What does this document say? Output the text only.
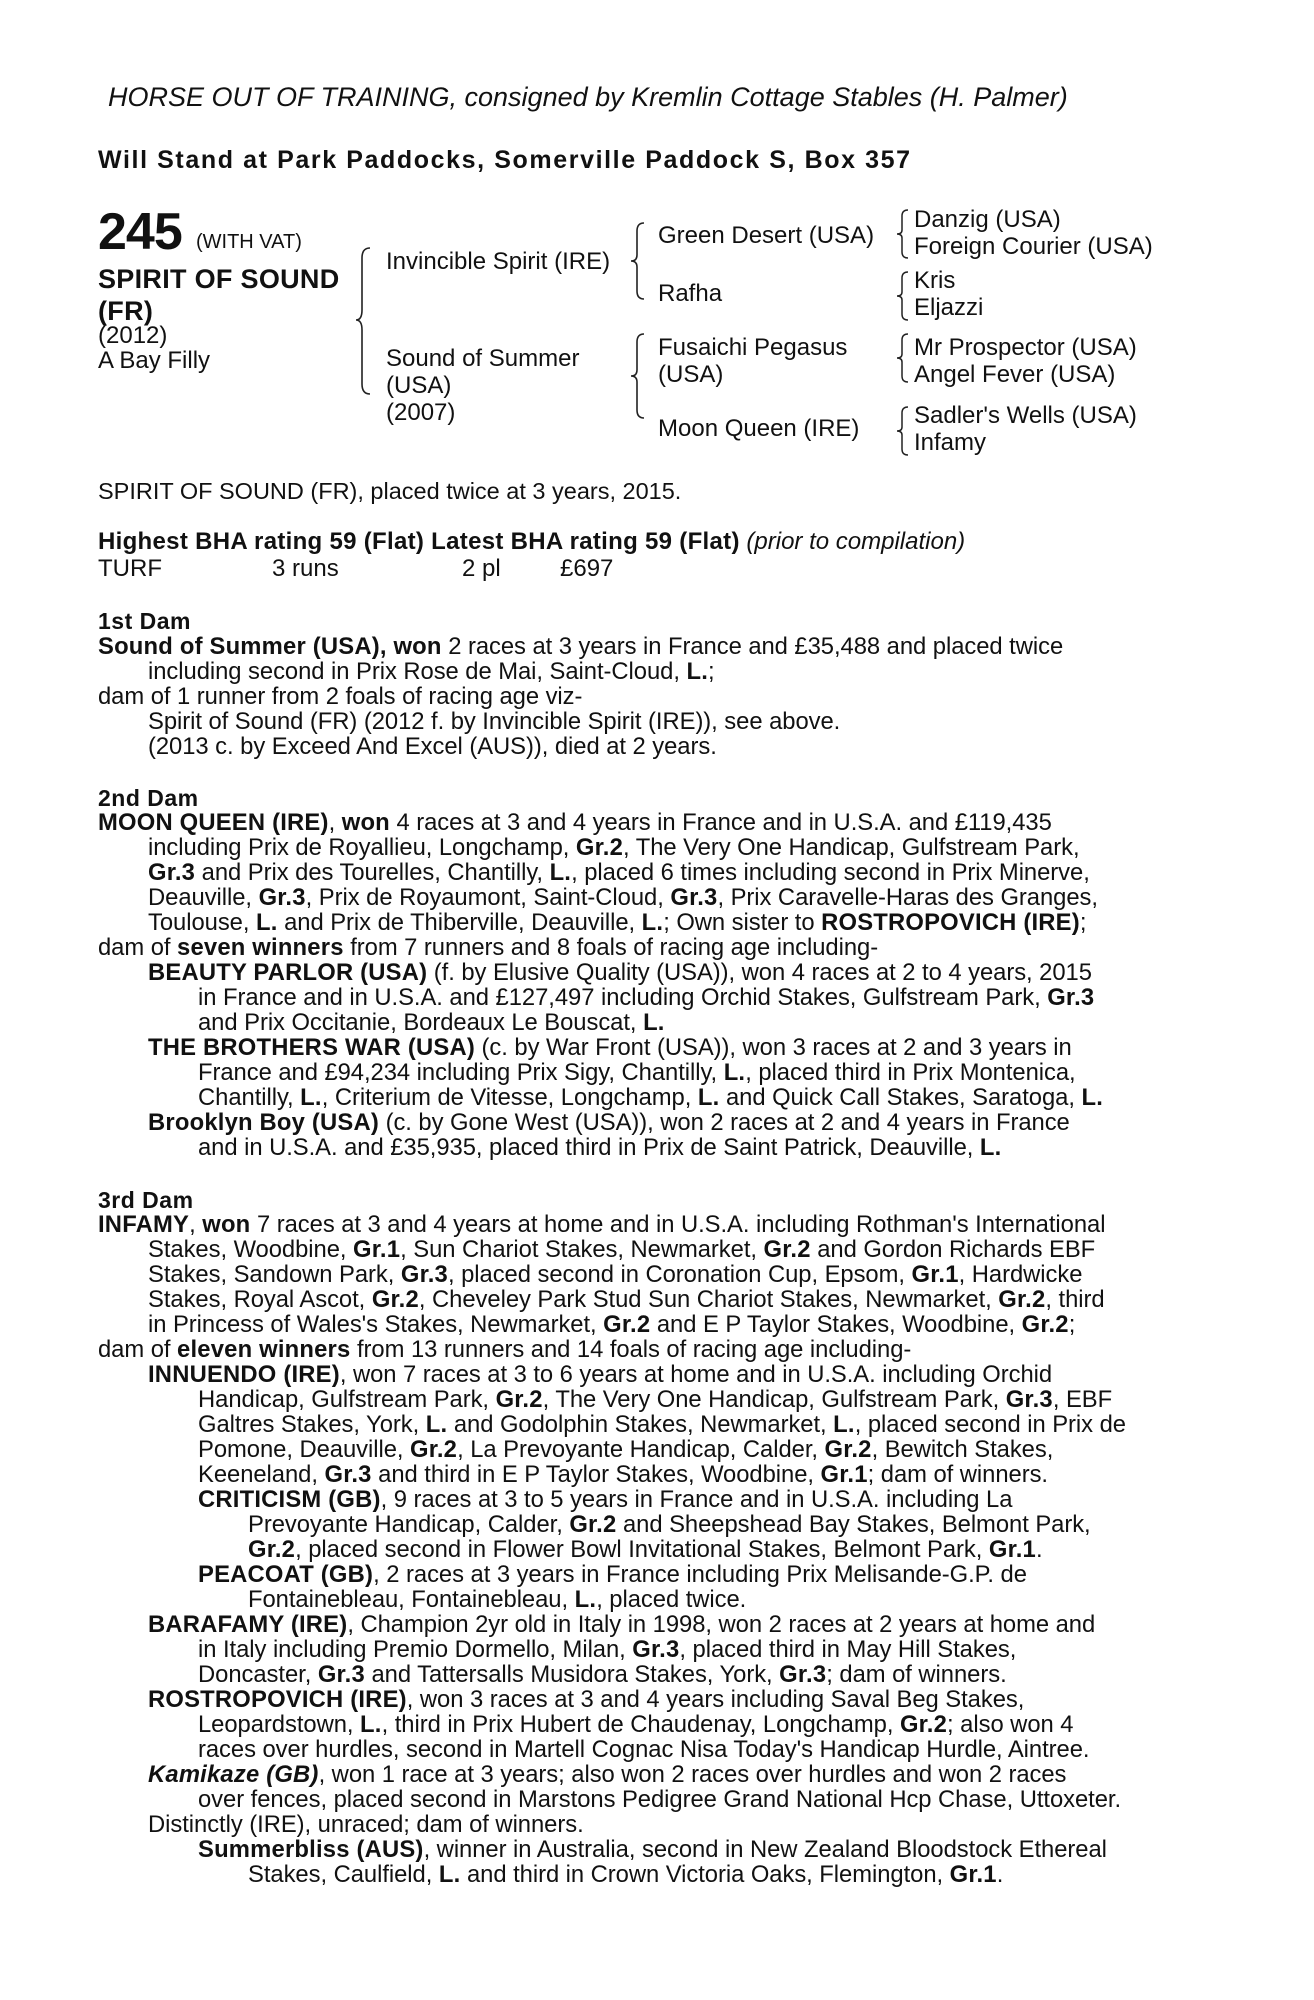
HORSE OUT OF TRAINING, consigned by Kremlin Cottage Stables (H. Palmer)
Will Stand at Park Paddocks, Somerville Paddock S, Box 357
245 (WITH VAT)
SPIRIT OF SOUND
(FR)
(2012)
A Bay Filly
Invincible Spirit (IRE)
Sound of Summer
(USA)
(2007)
Green Desert (USA)
Rafha
Fusaichi Pegasus
(USA)
Moon Queen (IRE)
Danzig (USA)
Foreign Courier (USA)
Kris
Eljazzi
Mr Prospector (USA)
Angel Fever (USA)
Sadler's Wells (USA)
Infamy
SPIRIT OF SOUND (FR), placed twice at 3 years, 2015.
Highest BHA rating 59 (Flat) Latest BHA rating 59 (Flat) (prior to compilation)
TURF	3 runs	2 pl £697
1st Dam
Sound of Summer (USA), won 2 races at 3 years in France and £35,488 and placed twice
including second in Prix Rose de Mai, Saint-Cloud, L.;
dam of 1 runner from 2 foals of racing age viz-
Spirit of Sound (FR) (2012 f. by Invincible Spirit (IRE)), see above.
(2013 c. by Exceed And Excel (AUS)), died at 2 years.
2nd Dam
MOON QUEEN (IRE), won 4 races at 3 and 4 years in France and in U.S.A. and £119,435
including Prix de Royallieu, Longchamp, Gr.2, The Very One Handicap, Gulfstream Park,
Gr.3 and Prix des Tourelles, Chantilly, L., placed 6 times including second in Prix Minerve,
Deauville, Gr.3, Prix de Royaumont, Saint-Cloud, Gr.3, Prix Caravelle-Haras des Granges,
Toulouse, L. and Prix de Thiberville, Deauville, L.; Own sister to ROSTROPOVICH (IRE);
dam of seven winners from 7 runners and 8 foals of racing age including-
BEAUTY PARLOR (USA) (f. by Elusive Quality (USA)), won 4 races at 2 to 4 years, 2015
in France and in U.S.A. and £127,497 including Orchid Stakes, Gulfstream Park, Gr.3
and Prix Occitanie, Bordeaux Le Bouscat, L.
THE BROTHERS WAR (USA) (c. by War Front (USA)), won 3 races at 2 and 3 years in
France and £94,234 including Prix Sigy, Chantilly, L., placed third in Prix Montenica,
Chantilly, L., Criterium de Vitesse, Longchamp, L. and Quick Call Stakes, Saratoga, L.
Brooklyn Boy (USA) (c. by Gone West (USA)), won 2 races at 2 and 4 years in France
and in U.S.A. and £35,935, placed third in Prix de Saint Patrick, Deauville, L.
3rd Dam
INFAMY, won 7 races at 3 and 4 years at home and in U.S.A. including Rothman's International
Stakes, Woodbine, Gr.1, Sun Chariot Stakes, Newmarket, Gr.2 and Gordon Richards EBF
Stakes, Sandown Park, Gr.3, placed second in Coronation Cup, Epsom, Gr.1, Hardwicke
Stakes, Royal Ascot, Gr.2, Cheveley Park Stud Sun Chariot Stakes, Newmarket, Gr.2, third
in Princess of Wales's Stakes, Newmarket, Gr.2 and E P Taylor Stakes, Woodbine, Gr.2;
dam of eleven winners from 13 runners and 14 foals of racing age including-
INNUENDO (IRE), won 7 races at 3 to 6 years at home and in U.S.A. including Orchid
Handicap, Gulfstream Park, Gr.2, The Very One Handicap, Gulfstream Park, Gr.3, EBF
Galtres Stakes, York, L. and Godolphin Stakes, Newmarket, L., placed second in Prix de
Pomone, Deauville, Gr.2, La Prevoyante Handicap, Calder, Gr.2, Bewitch Stakes,
Keeneland, Gr.3 and third in E P Taylor Stakes, Woodbine, Gr.1; dam of winners.
CRITICISM (GB), 9 races at 3 to 5 years in France and in U.S.A. including La
Prevoyante Handicap, Calder, Gr.2 and Sheepshead Bay Stakes, Belmont Park,
Gr.2, placed second in Flower Bowl Invitational Stakes, Belmont Park, Gr.1.
PEACOAT (GB), 2 races at 3 years in France including Prix Melisande-G.P. de
Fontainebleau, Fontainebleau, L., placed twice.
BARAFAMY (IRE), Champion 2yr old in Italy in 1998, won 2 races at 2 years at home and
in Italy including Premio Dormello, Milan, Gr.3, placed third in May Hill Stakes,
Doncaster, Gr.3 and Tattersalls Musidora Stakes, York, Gr.3; dam of winners.
ROSTROPOVICH (IRE), won 3 races at 3 and 4 years including Saval Beg Stakes,
Leopardstown, L., third in Prix Hubert de Chaudenay, Longchamp, Gr.2; also won 4
races over hurdles, second in Martell Cognac Nisa Today's Handicap Hurdle, Aintree.
Kamikaze (GB), won 1 race at 3 years; also won 2 races over hurdles and won 2 races
over fences, placed second in Marstons Pedigree Grand National Hcp Chase, Uttoxeter.
Distinctly (IRE), unraced; dam of winners.
Summerbliss (AUS), winner in Australia, second in New Zealand Bloodstock Ethereal
Stakes, Caulfield, L. and third in Crown Victoria Oaks, Flemington, Gr.1.
